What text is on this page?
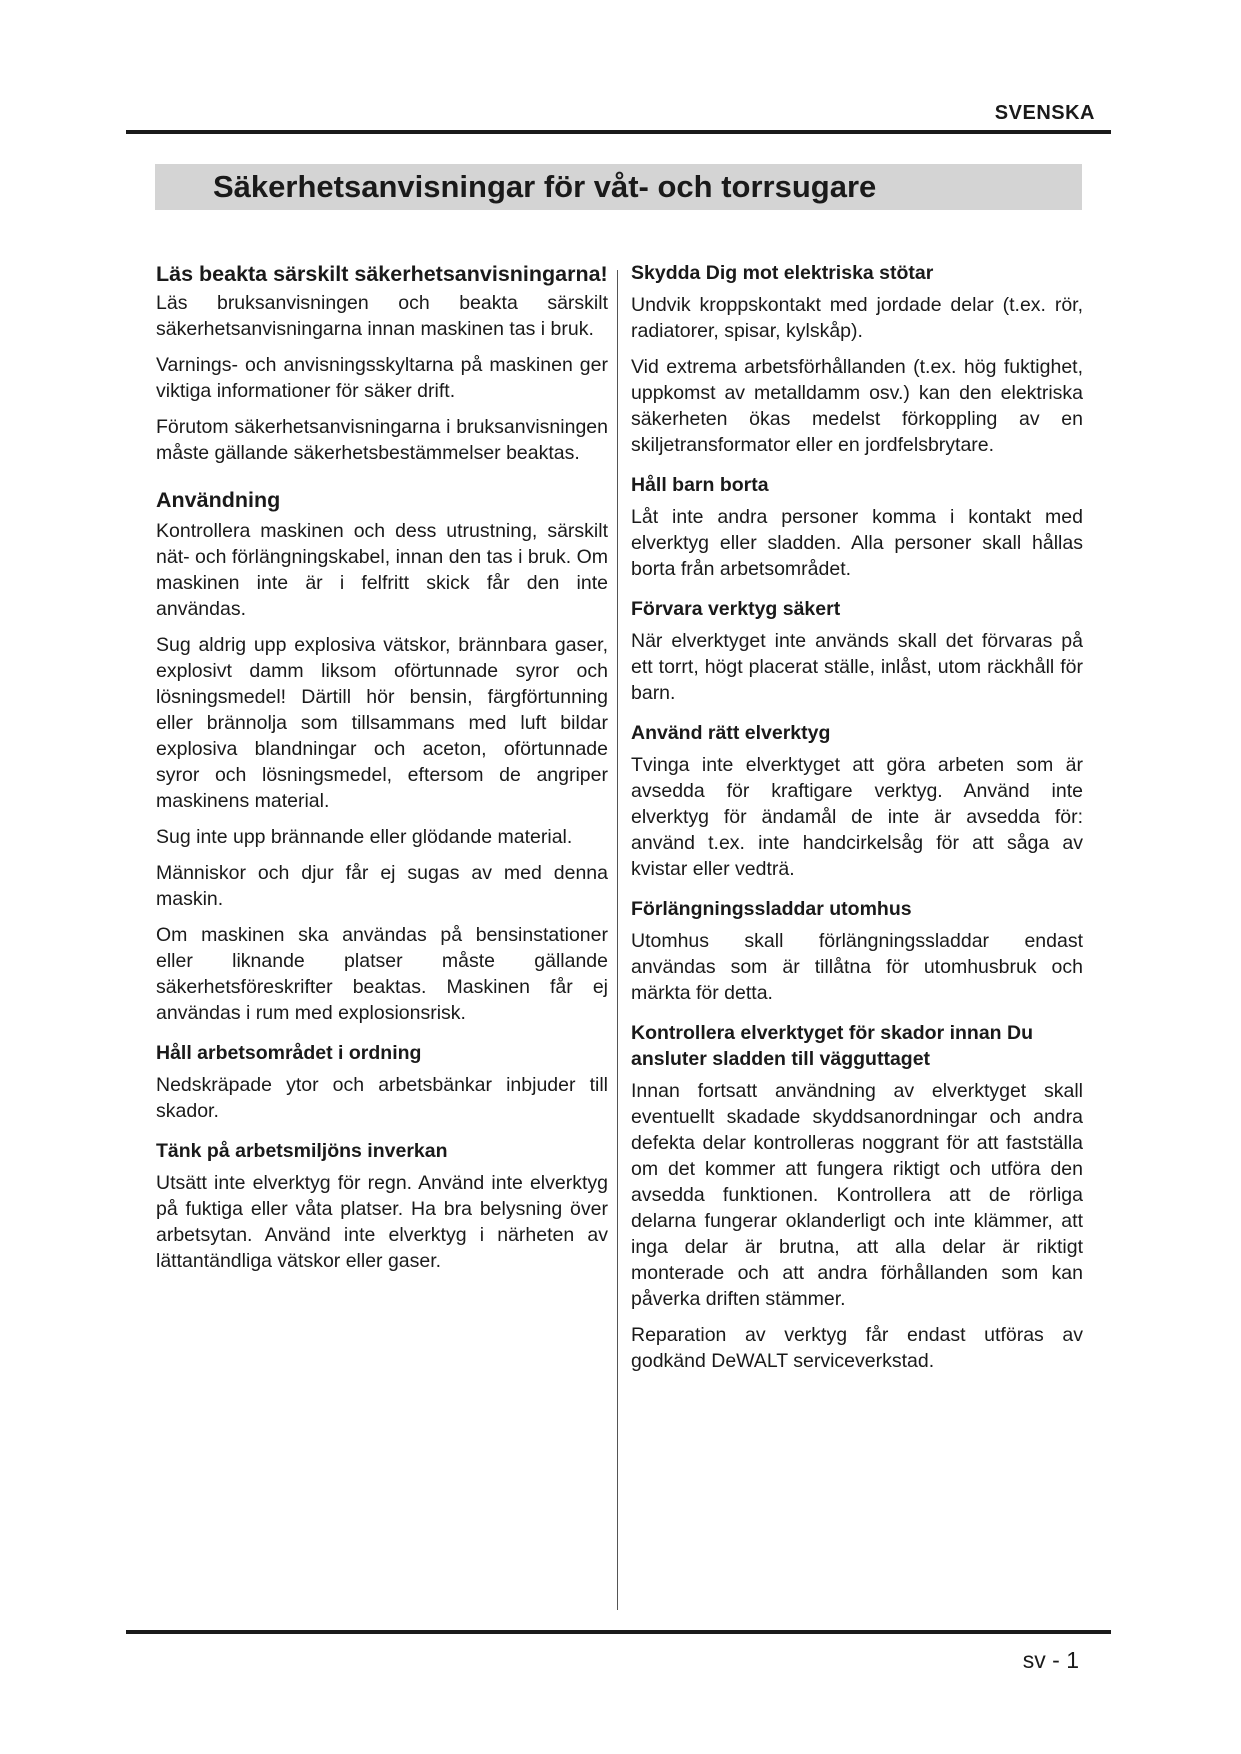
SVENSKA
Säkerhetsanvisningar för våt- och torrsugare
Läs beakta särskilt säkerhetsanvisningarna!

Läs bruksanvisningen och beakta särskilt säkerhetsanvisningarna innan maskinen tas i bruk.

Varnings- och anvisningsskyltarna på maskinen ger viktiga informationer för säker drift.

Förutom säkerhetsanvisningarna i bruksanvisningen måste gällande säkerhetsbestämmelser beaktas.

Användning

Kontrollera maskinen och dess utrustning, särskilt nät- och förlängningskabel, innan den tas i bruk. Om maskinen inte är i felfritt skick får den inte användas.

Sug aldrig upp explosiva vätskor, brännbara gaser, explosivt damm liksom oförtunnade syror och lösningsmedel! Därtill hör bensin, färgförtunning eller brännolja som tillsammans med luft bildar explosiva blandningar och aceton, oförtunnade syror och lösningsmedel, eftersom de angriper maskinens material.

Sug inte upp brännande eller glödande material.

Människor och djur får ej sugas av med denna maskin.

Om maskinen ska användas på bensinstationer eller liknande platser måste gällande säkerhetsföreskrifter beaktas. Maskinen får ej användas i rum med explosionsrisk.

Håll arbetsområdet i ordning

Nedskräpade ytor och arbetsbänkar inbjuder till skador.

Tänk på arbetsmiljöns inverkan

Utsätt inte elverktyg för regn. Använd inte elverktyg på fuktiga eller våta platser. Ha bra belysning över arbetsytan. Använd inte elverktyg i närheten av lättantändliga vätskor eller gaser.

Skydda Dig mot elektriska stötar

Undvik kroppskontakt med jordade delar (t.ex. rör, radiatorer, spisar, kylskåp).

Vid extrema arbetsförhållanden (t.ex. hög fuktighet, uppkomst av metalldamm osv.) kan den elektriska säkerheten ökas medelst förkoppling av en skiljetransformator eller en jordfelsbrytare.

Håll barn borta

Låt inte andra personer komma i kontakt med elverktyg eller sladden. Alla personer skall hållas borta från arbetsområdet.

Förvara verktyg säkert

När elverktyget inte används skall det förvaras på ett torrt, högt placerat ställe, inlåst, utom räckhåll för barn.

Använd rätt elverktyg

Tvinga inte elverktyget att göra arbeten som är avsedda för kraftigare verktyg. Använd inte elverktyg för ändamål de inte är avsedda för: använd t.ex. inte handcirkelsåg för att såga av kvistar eller vedträ.

Förlängningssladdar utomhus

Utomhus skall förlängningssladdar endast användas som är tillåtna för utomhusbruk och märkta för detta.

Kontrollera elverktyget för skador innan Du ansluter sladden till vägguttaget

Innan fortsatt användning av elverktyget skall eventuellt skadade skyddsanordningar och andra defekta delar kontrolleras noggrant för att fastställa om det kommer att fungera riktigt och utföra den avsedda funktionen. Kontrollera att de rörliga delarna fungerar oklanderligt och inte klämmer, att inga delar är brutna, att alla delar är riktigt monterade och att andra förhållanden som kan påverka driften stämmer.

Reparation av verktyg får endast utföras av godkänd DeWALT serviceverkstad.

sv - 1
